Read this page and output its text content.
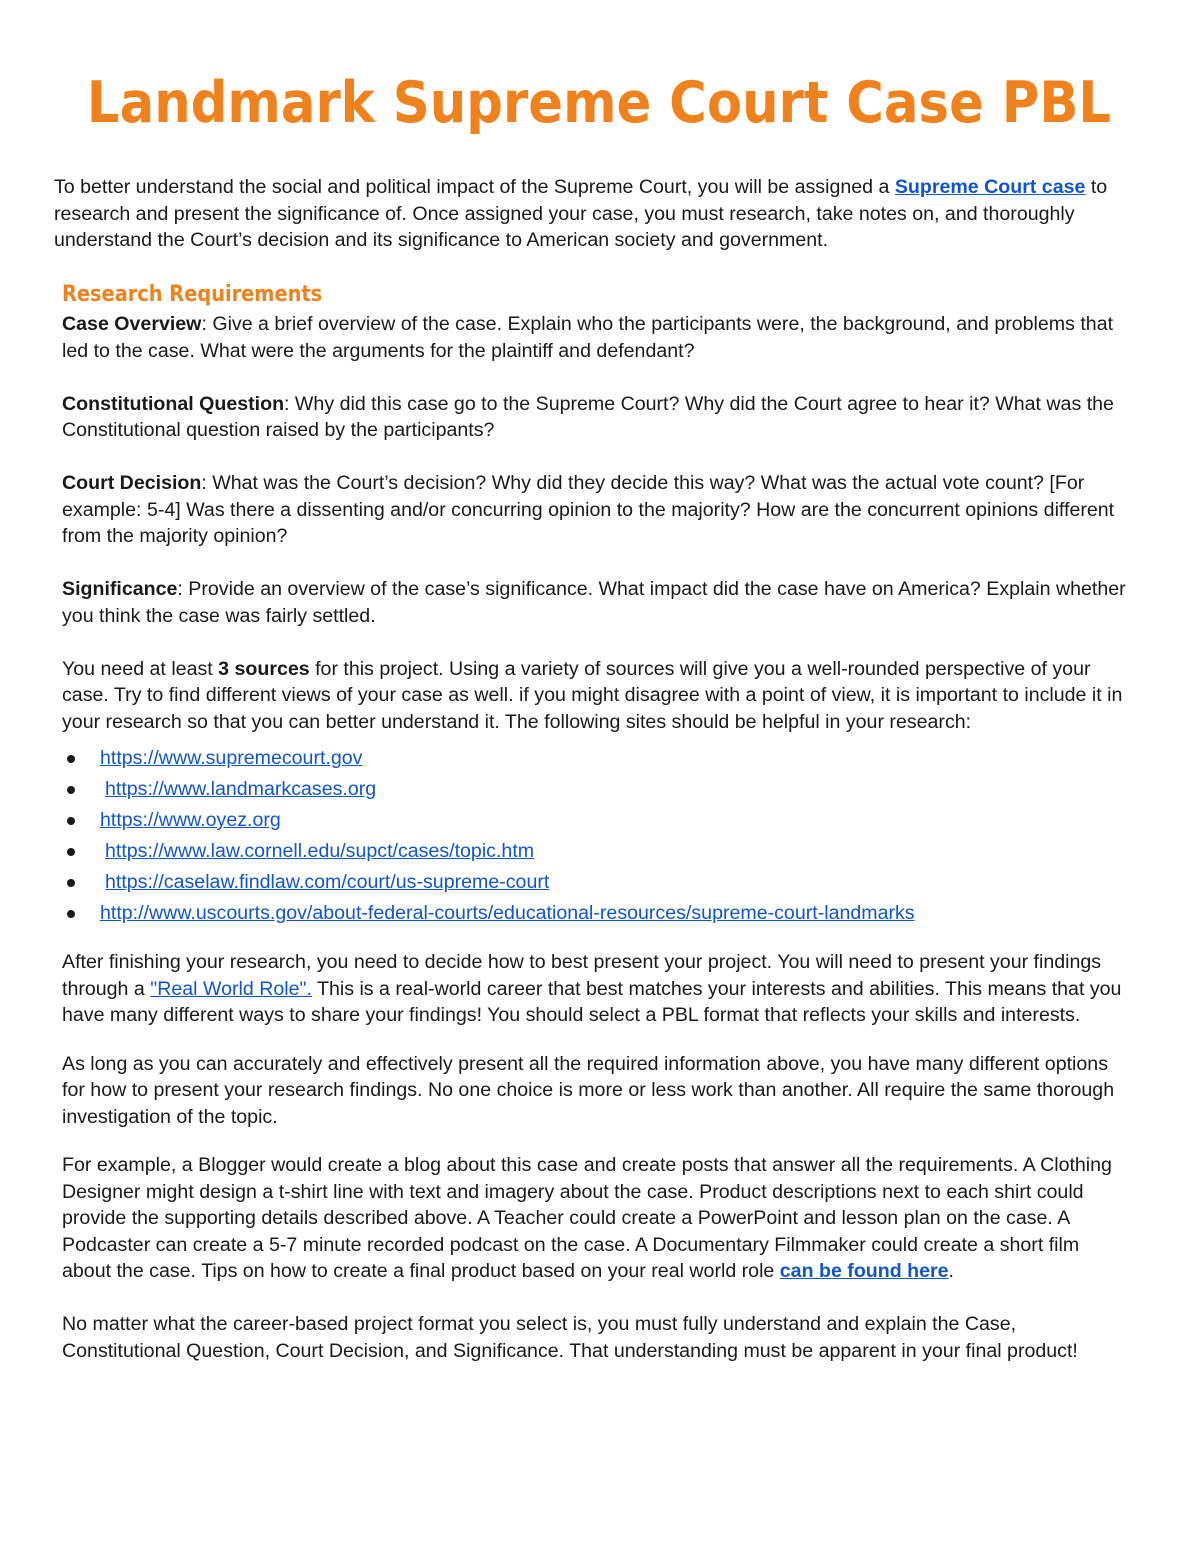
Landmark Supreme Court Case PBL

To better understand the social and political impact of the Supreme Court, you will be assigned a Supreme Court case to research and present the significance of. Once assigned your case, you must research, take notes on, and thoroughly understand the Court’s decision and its significance to American society and government.

Research Requirements

Case Overview: Give a brief overview of the case. Explain who the participants were, the background, and problems that led to the case. What were the arguments for the plaintiff and defendant?

Constitutional Question: Why did this case go to the Supreme Court? Why did the Court agree to hear it? What was the Constitutional question raised by the participants?

Court Decision: What was the Court’s decision? Why did they decide this way? What was the actual vote count? [For example: 5-4] Was there a dissenting and/or concurring opinion to the majority? How are the concurrent opinions different from the majority opinion?

Significance: Provide an overview of the case’s significance. What impact did the case have on America? Explain whether you think the case was fairly settled.

You need at least 3 sources for this project. Using a variety of sources will give you a well-rounded perspective of your case. Try to find different views of your case as well. if you might disagree with a point of view, it is important to include it in your research so that you can better understand it. The following sites should be helpful in your research:

https://www.supremecourt.gov
https://www.landmarkcases.org
https://www.oyez.org
https://www.law.cornell.edu/supct/cases/topic.htm
https://caselaw.findlaw.com/court/us-supreme-court
http://www.uscourts.gov/about-federal-courts/educational-resources/supreme-court-landmarks

After finishing your research, you need to decide how to best present your project. You will need to present your findings through a "Real World Role". This is a real-world career that best matches your interests and abilities. This means that you have many different ways to share your findings! You should select a PBL format that reflects your skills and interests.

As long as you can accurately and effectively present all the required information above, you have many different options for how to present your research findings. No one choice is more or less work than another. All require the same thorough investigation of the topic.

For example, a Blogger would create a blog about this case and create posts that answer all the requirements. A Clothing Designer might design a t-shirt line with text and imagery about the case. Product descriptions next to each shirt could provide the supporting details described above. A Teacher could create a PowerPoint and lesson plan on the case. A Podcaster can create a 5-7 minute recorded podcast on the case. A Documentary Filmmaker could create a short film about the case. Tips on how to create a final product based on your real world role can be found here.

No matter what the career-based project format you select is, you must fully understand and explain the Case, Constitutional Question, Court Decision, and Significance. That understanding must be apparent in your final product!
